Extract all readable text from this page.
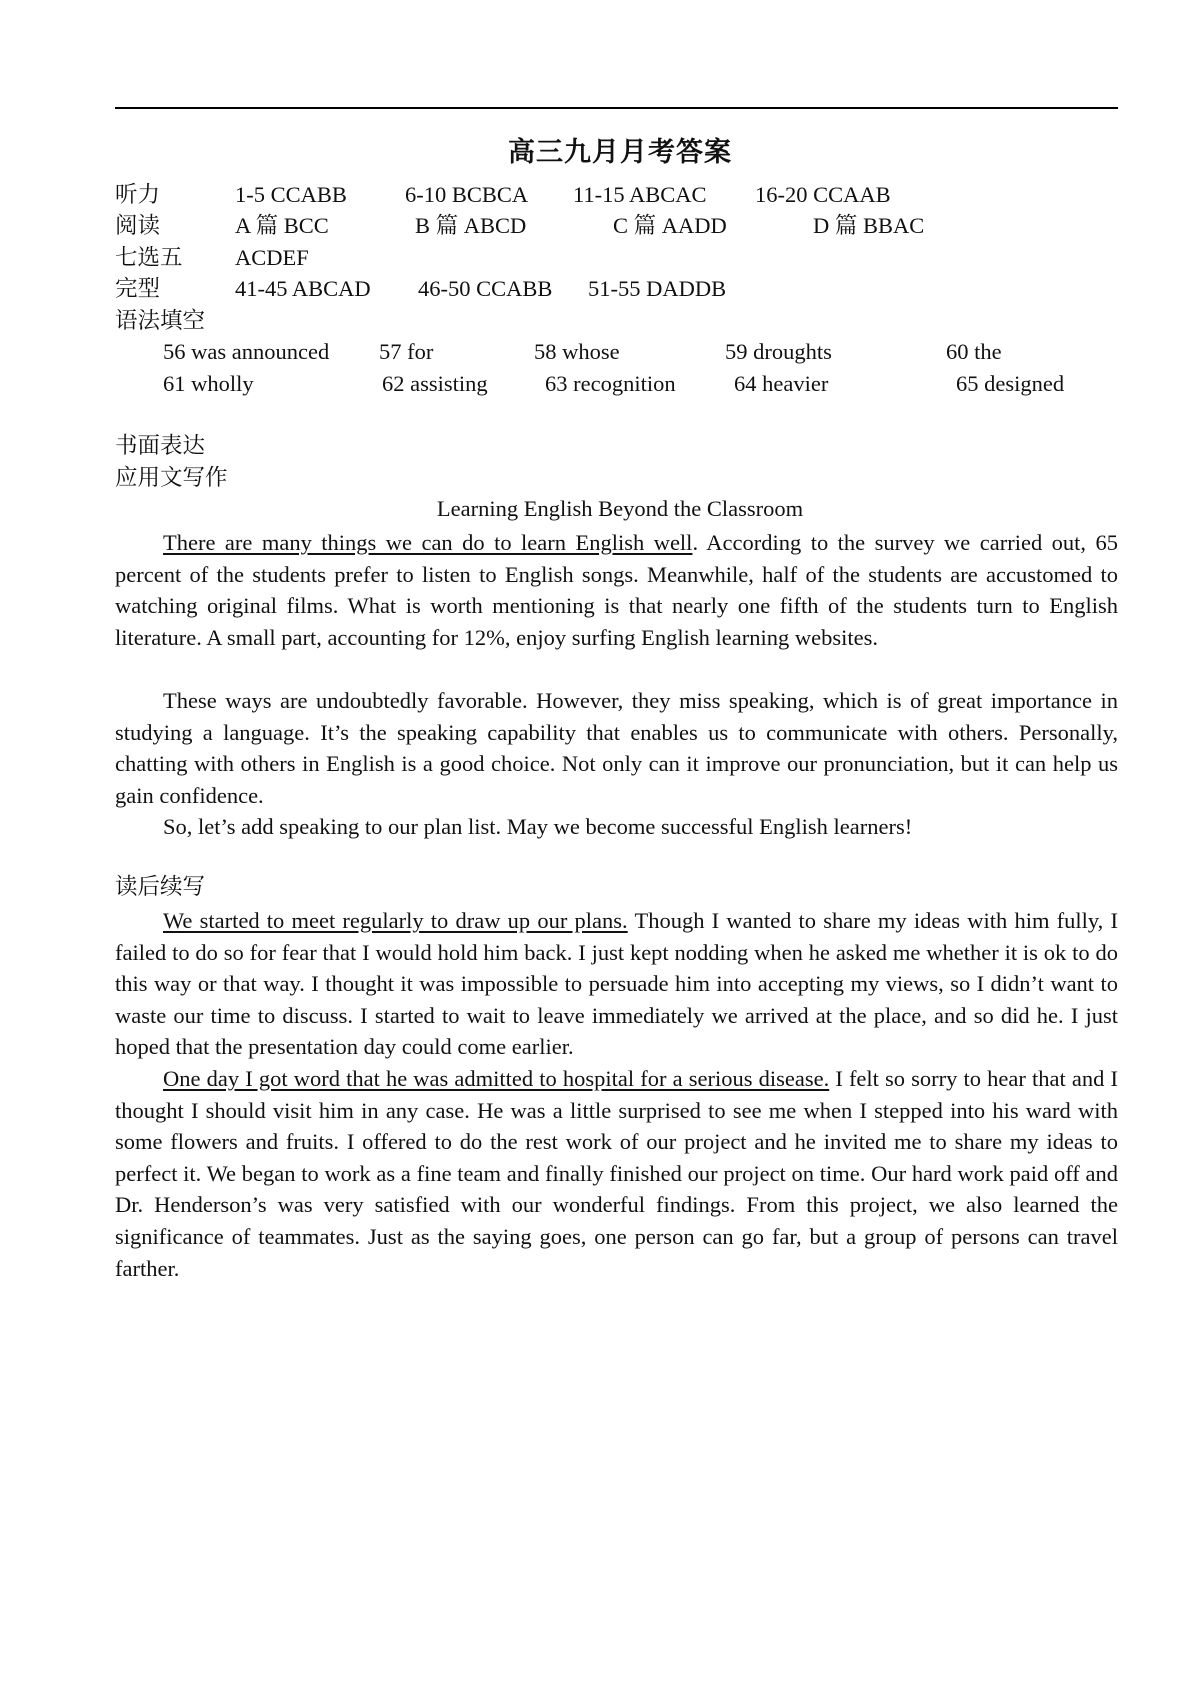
高三九月月考答案
听力	1-5 CCABB	6-10 BCBCA 11-15 ABCAC 16-20 CCAAB
阅读	A 篇 BCC	B 篇 ABCD	C 篇 AADD	D 篇 BBAC
七选五 ACDEF
完型	41-45 ABCAD 46-50 CCABB 51-55 DADDB
语法填空
56 was announced 57 for	58 whose	59 droughts	60 the
61 wholly	62 assisting	63 recognition	64 heavier	65 designed
书面表达
应用文写作
Learning English Beyond the Classroom
There are many things we can do to learn English well. According to the survey we carried out, 65 percent of the students prefer to listen to English songs. Meanwhile, half of the students are accustomed to watching original films. What is worth mentioning is that nearly one fifth of the students turn to English literature. A small part, accounting for 12%, enjoy surfing English learning websites.
These ways are undoubtedly favorable. However, they miss speaking, which is of great importance in studying a language. It’s the speaking capability that enables us to communicate with others. Personally, chatting with others in English is a good choice. Not only can it improve our pronunciation, but it can help us gain confidence.
So, let’s add speaking to our plan list. May we become successful English learners!
读后续写
We started to meet regularly to draw up our plans. Though I wanted to share my ideas with him fully, I failed to do so for fear that I would hold him back. I just kept nodding when he asked me whether it is ok to do this way or that way. I thought it was impossible to persuade him into accepting my views, so I didn’t want to waste our time to discuss. I started to wait to leave immediately we arrived at the place, and so did he. I just hoped that the presentation day could come earlier.
One day I got word that he was admitted to hospital for a serious disease. I felt so sorry to hear that and I thought I should visit him in any case. He was a little surprised to see me when I stepped into his ward with some flowers and fruits. I offered to do the rest work of our project and he invited me to share my ideas to perfect it. We began to work as a fine team and finally finished our project on time. Our hard work paid off and Dr. Henderson’s was very satisfied with our wonderful findings. From this project, we also learned the significance of teammates. Just as the saying goes, one person can go far, but a group of persons can travel farther.
